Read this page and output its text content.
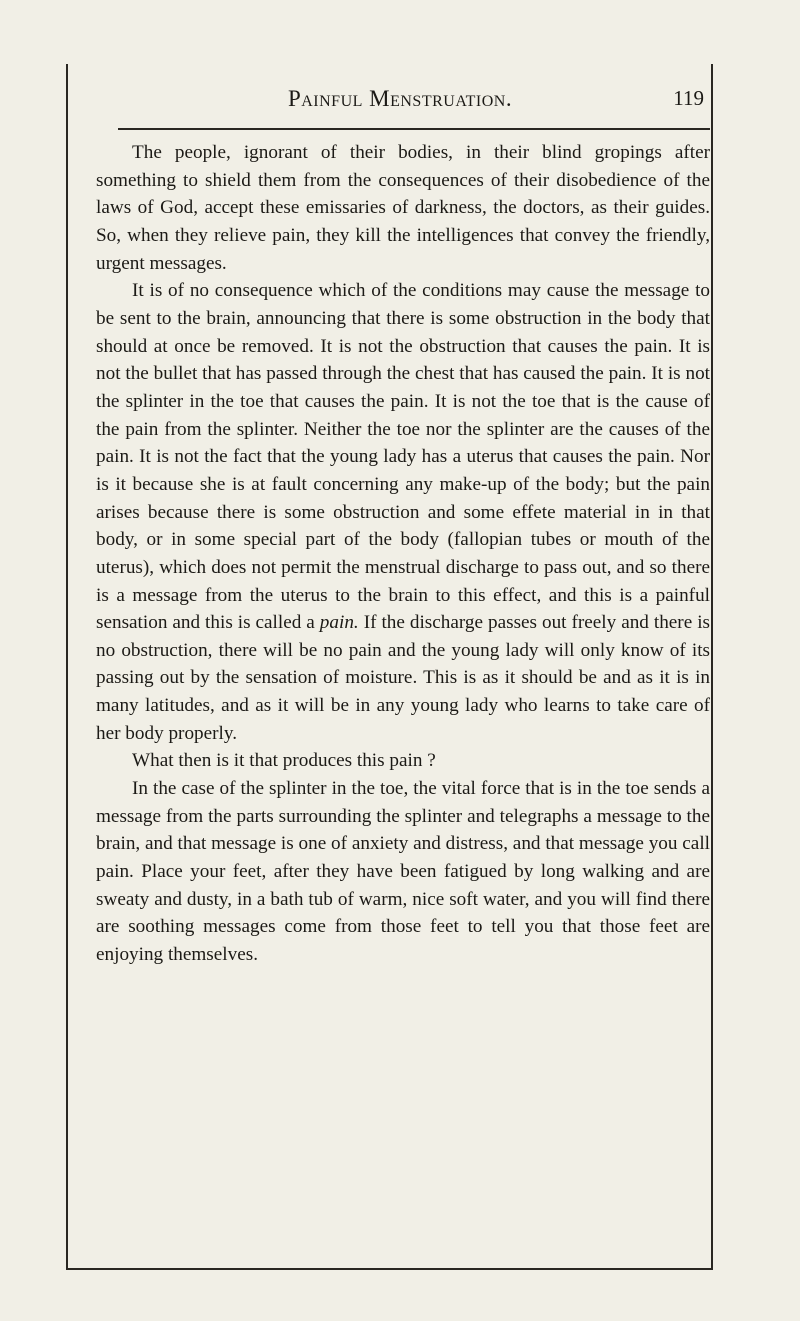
Painful Menstruation.	119

The people, ignorant of their bodies, in their blind gropings after something to shield them from the consequences of their disobedience of the laws of God, accept these emissaries of darkness, the doctors, as their guides. So, when they relieve pain, they kill the intelligences that convey the friendly, urgent messages.

It is of no consequence which of the conditions may cause the message to be sent to the brain, announcing that there is some obstruction in the body that should at once be removed. It is not the obstruction that causes the pain. It is not the bullet that has passed through the chest that has caused the pain. It is not the splinter in the toe that causes the pain. It is not the toe that is the cause of the pain from the splinter. Neither the toe nor the splinter are the causes of the pain. It is not the fact that the young lady has a uterus that causes the pain. Nor is it because she is at fault concerning any make-up of the body; but the pain arises because there is some obstruction and some effete material in in that body, or in some special part of the body (fallopian tubes or mouth of the uterus), which does not permit the menstrual discharge to pass out, and so there is a message from the uterus to the brain to this effect, and this is a painful sensation and this is called a pain. If the discharge passes out freely and there is no obstruction, there will be no pain and the young lady will only know of its passing out by the sensation of moisture. This is as it should be and as it is in many latitudes, and as it will be in any young lady who learns to take care of her body properly.

What then is it that produces this pain ?

In the case of the splinter in the toe, the vital force that is in the toe sends a message from the parts surrounding the splinter and telegraphs a message to the brain, and that message is one of anxiety and distress, and that message you call pain. Place your feet, after they have been fatigued by long walking and are sweaty and dusty, in a bath tub of warm, nice soft water, and you will find there are soothing messages come from those feet to tell you that those feet are enjoying themselves.
